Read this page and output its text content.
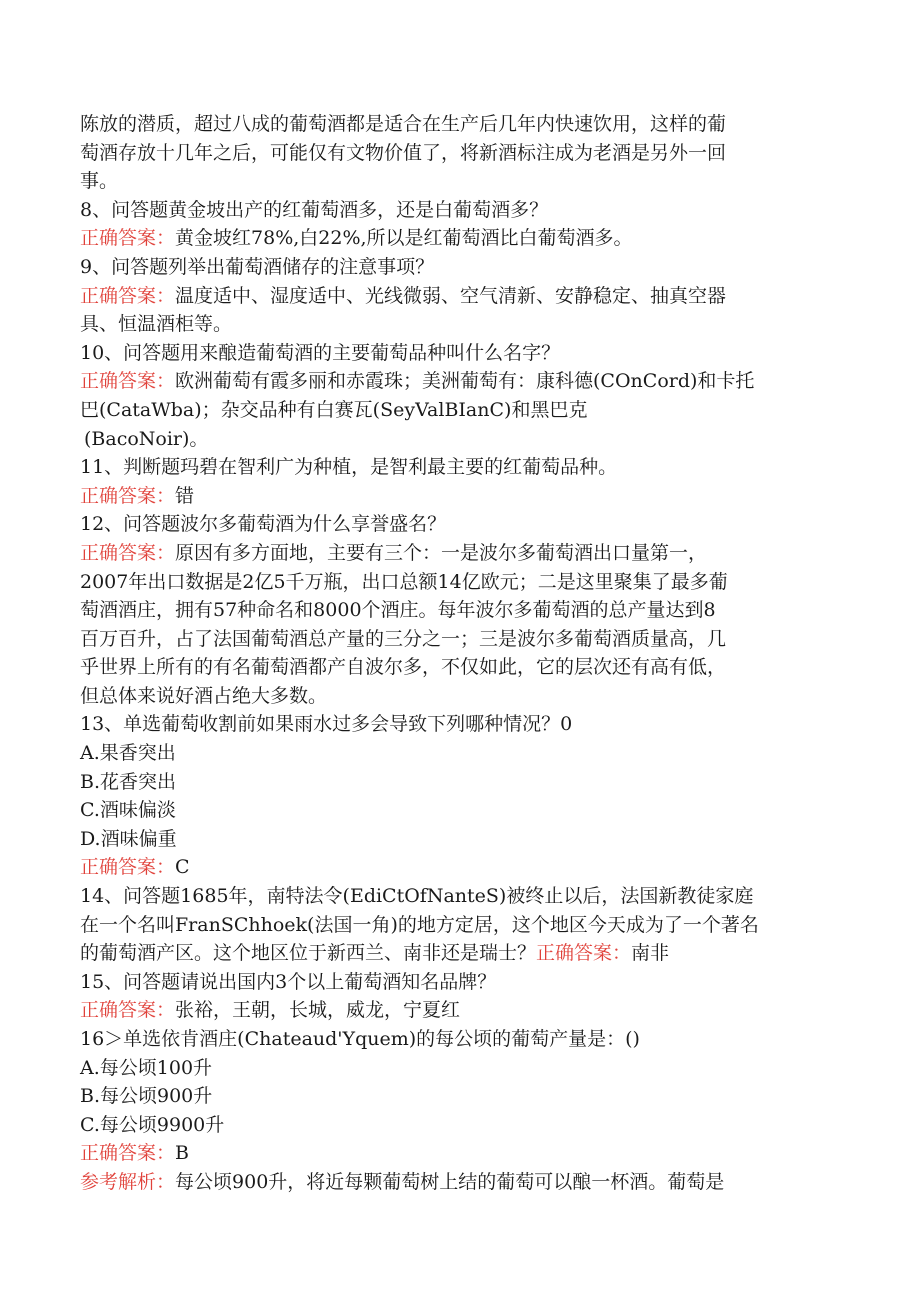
陈放的潜质，超过八成的葡萄酒都是适合在生产后几年内快速饮用，这样的葡
萄酒存放十几年之后，可能仅有文物价值了，将新酒标注成为老酒是另外一回
事。
8、问答题黄金坡出产的红葡萄酒多，还是白葡萄酒多？
正确答案：黄金坡红78%,白22%,所以是红葡萄酒比白葡萄酒多。
9、问答题列举出葡萄酒储存的注意事项？
正确答案：温度适中、湿度适中、光线微弱、空气清新、安静稳定、抽真空器
具、恒温酒柜等。
10、问答题用来酿造葡萄酒的主要葡萄品种叫什么名字？
正确答案：欧洲葡萄有霞多丽和赤霞珠；美洲葡萄有：康科德(COnCord)和卡托
巴(CataWba)；杂交品种有白赛瓦(SeyValBIanC)和黑巴克
(BacoNoir)。
11、判断题玛碧在智利广为种植，是智利最主要的红葡萄品种。
正确答案：错
12、问答题波尔多葡萄酒为什么享誉盛名？
正确答案：原因有多方面地，主要有三个：一是波尔多葡萄酒出口量第一，
2007年出口数据是2亿5千万瓶，出口总额14亿欧元；二是这里聚集了最多葡
萄酒酒庄，拥有57种命名和8000个酒庄。每年波尔多葡萄酒的总产量达到8
百万百升，占了法国葡萄酒总产量的三分之一；三是波尔多葡萄酒质量高，几
乎世界上所有的有名葡萄酒都产自波尔多，不仅如此，它的层次还有高有低，
但总体来说好酒占绝大多数。
13、单选葡萄收割前如果雨水过多会导致下列哪种情况？0
A.果香突出
B.花香突出
C.酒味偏淡
D.酒味偏重
正确答案：C
14、问答题1685年，南特法令(EdiCtOfNanteS)被终止以后，法国新教徒家庭
在一个名叫FranSChhoek(法国一角)的地方定居，这个地区今天成为了一个著名
的葡萄酒产区。这个地区位于新西兰、南非还是瑞士？正确答案：南非
15、问答题请说出国内3个以上葡萄酒知名品牌？
正确答案：张裕，王朝，长城，威龙，宁夏红
16＞单选依肯酒庄(Chateaud'Yquem)的每公顷的葡萄产量是：()
A.每公顷100升
B.每公顷900升
C.每公顷9900升
正确答案：B
参考解析：每公顷900升，将近每颗葡萄树上结的葡萄可以酿一杯酒。葡萄是
